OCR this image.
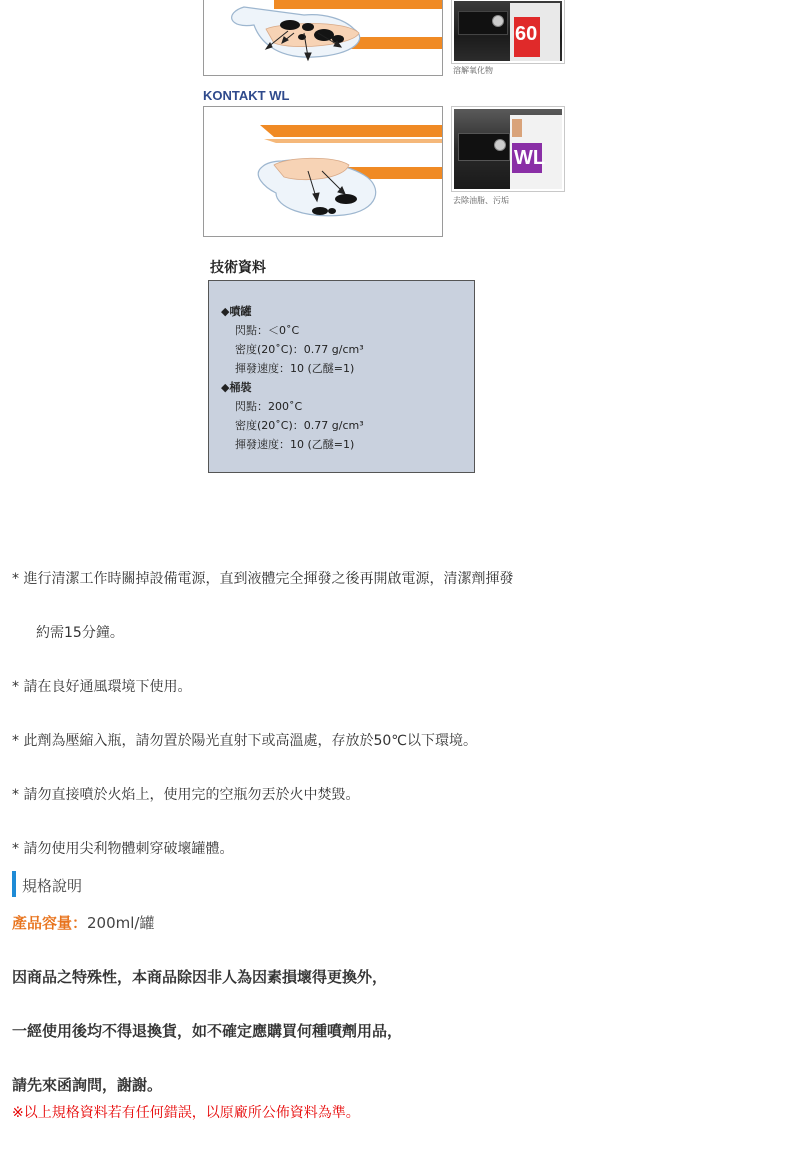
60
溶解氧化物
KONTAKT WL
WL
去除油脂、污垢
技術資料
◆噴罐
閃點：＜0˚C
密度(20˚C)：0.77 g/cm³
揮發速度：10 (乙醚=1)
◆桶裝
閃點：200˚C
密度(20˚C)：0.77 g/cm³
揮發速度：10 (乙醚=1)
* 進行清潔工作時關掉設備電源，直到液體完全揮發之後再開啟電源，清潔劑揮發
約需15分鐘。
* 請在良好通風環境下使用。
* 此劑為壓縮入瓶，請勿置於陽光直射下或高溫處，存放於50℃以下環境。
* 請勿直接噴於火焰上，使用完的空瓶勿丟於火中焚毀。
* 請勿使用尖利物體刺穿破壞罐體。
規格說明
產品容量：200ml/罐
因商品之特殊性，本商品除因非人為因素損壞得更換外，
一經使用後均不得退換貨，如不確定應購買何種噴劑用品，
請先來函詢問，謝謝。
※以上規格資料若有任何錯誤，以原廠所公佈資料為準。
